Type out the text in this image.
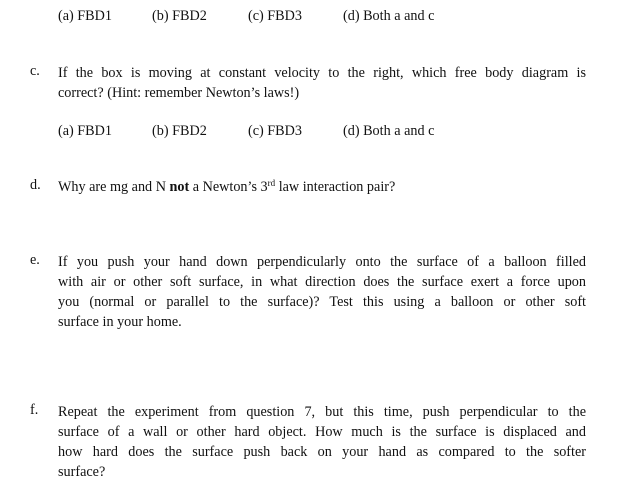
(a) FBD1	(b) FBD2	(c) FBD3	(d) Both a and c
c.	If the box is moving at constant velocity to the right, which free body diagram is
correct? (Hint: remember Newton’s laws!)
(a) FBD1	(b) FBD2	(c) FBD3	(d) Both a and c
d.	Why are mg and N not a Newton’s 3rd law interaction pair?
e.	If you push your hand down perpendicularly onto the surface of a balloon filled
with air or other soft surface, in what direction does the surface exert a force upon
you (normal or parallel to the surface)? Test this using a balloon or other soft
surface in your home.
f.	Repeat the experiment from question 7, but this time, push perpendicular to the
surface of a wall or other hard object. How much is the surface is displaced and
how hard does the surface push back on your hand as compared to the softer
surface?
